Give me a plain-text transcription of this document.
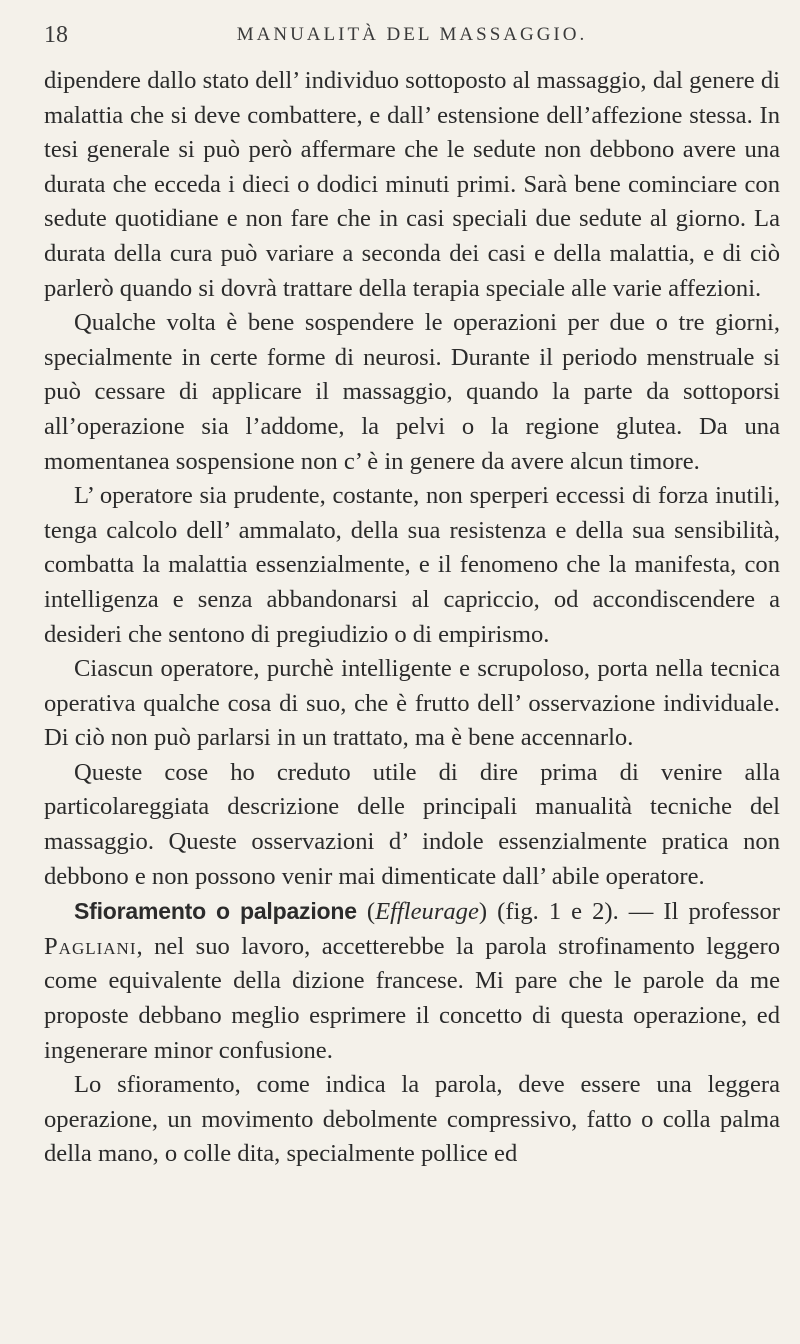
18	MANUALITÀ DEL MASSAGGIO.

dipendere dallo stato dell’ individuo sottoposto al massaggio, dal genere di malattia che si deve combattere, e dall’ estensione dell’affezione stessa. In tesi generale si può però affermare che le sedute non debbono avere una durata che ecceda i dieci o dodici minuti primi. Sarà bene cominciare con sedute quotidiane e non fare che in casi speciali due sedute al giorno. La durata della cura può variare a seconda dei casi e della malattia, e di ciò parlerò quando si dovrà trattare della terapia speciale alle varie affezioni.

Qualche volta è bene sospendere le operazioni per due o tre giorni, specialmente in certe forme di neurosi. Durante il periodo menstruale si può cessare di applicare il massaggio, quando la parte da sottoporsi all’operazione sia l’addome, la pelvi o la regione glutea. Da una momentanea sospensione non c’ è in genere da avere alcun timore.

L’ operatore sia prudente, costante, non sperperi eccessi di forza inutili, tenga calcolo dell’ ammalato, della sua resistenza e della sua sensibilità, combatta la malattia essenzialmente, e il fenomeno che la manifesta, con intelligenza e senza abbandonarsi al capriccio, od accondiscendere a desideri che sentono di pregiudizio o di empirismo.

Ciascun operatore, purchè intelligente e scrupoloso, porta nella tecnica operativa qualche cosa di suo, che è frutto dell’ osservazione individuale. Di ciò non può parlarsi in un trattato, ma è bene accennarlo.

Queste cose ho creduto utile di dire prima di venire alla particolareggiata descrizione delle principali manualità tecniche del massaggio. Queste osservazioni d’ indole essenzialmente pratica non debbono e non possono venir mai dimenticate dall’ abile operatore.

Sfioramento o palpazione (Effleurage) (fig. 1 e 2). — Il professor Pagliani, nel suo lavoro, accetterebbe la parola strofinamento leggero come equivalente della dizione francese. Mi pare che le parole da me proposte debbano meglio esprimere il concetto di questa operazione, ed ingenerare minor confusione.

Lo sfioramento, come indica la parola, deve essere una leggera operazione, un movimento debolmente compressivo, fatto o colla palma della mano, o colle dita, specialmente pollice ed
